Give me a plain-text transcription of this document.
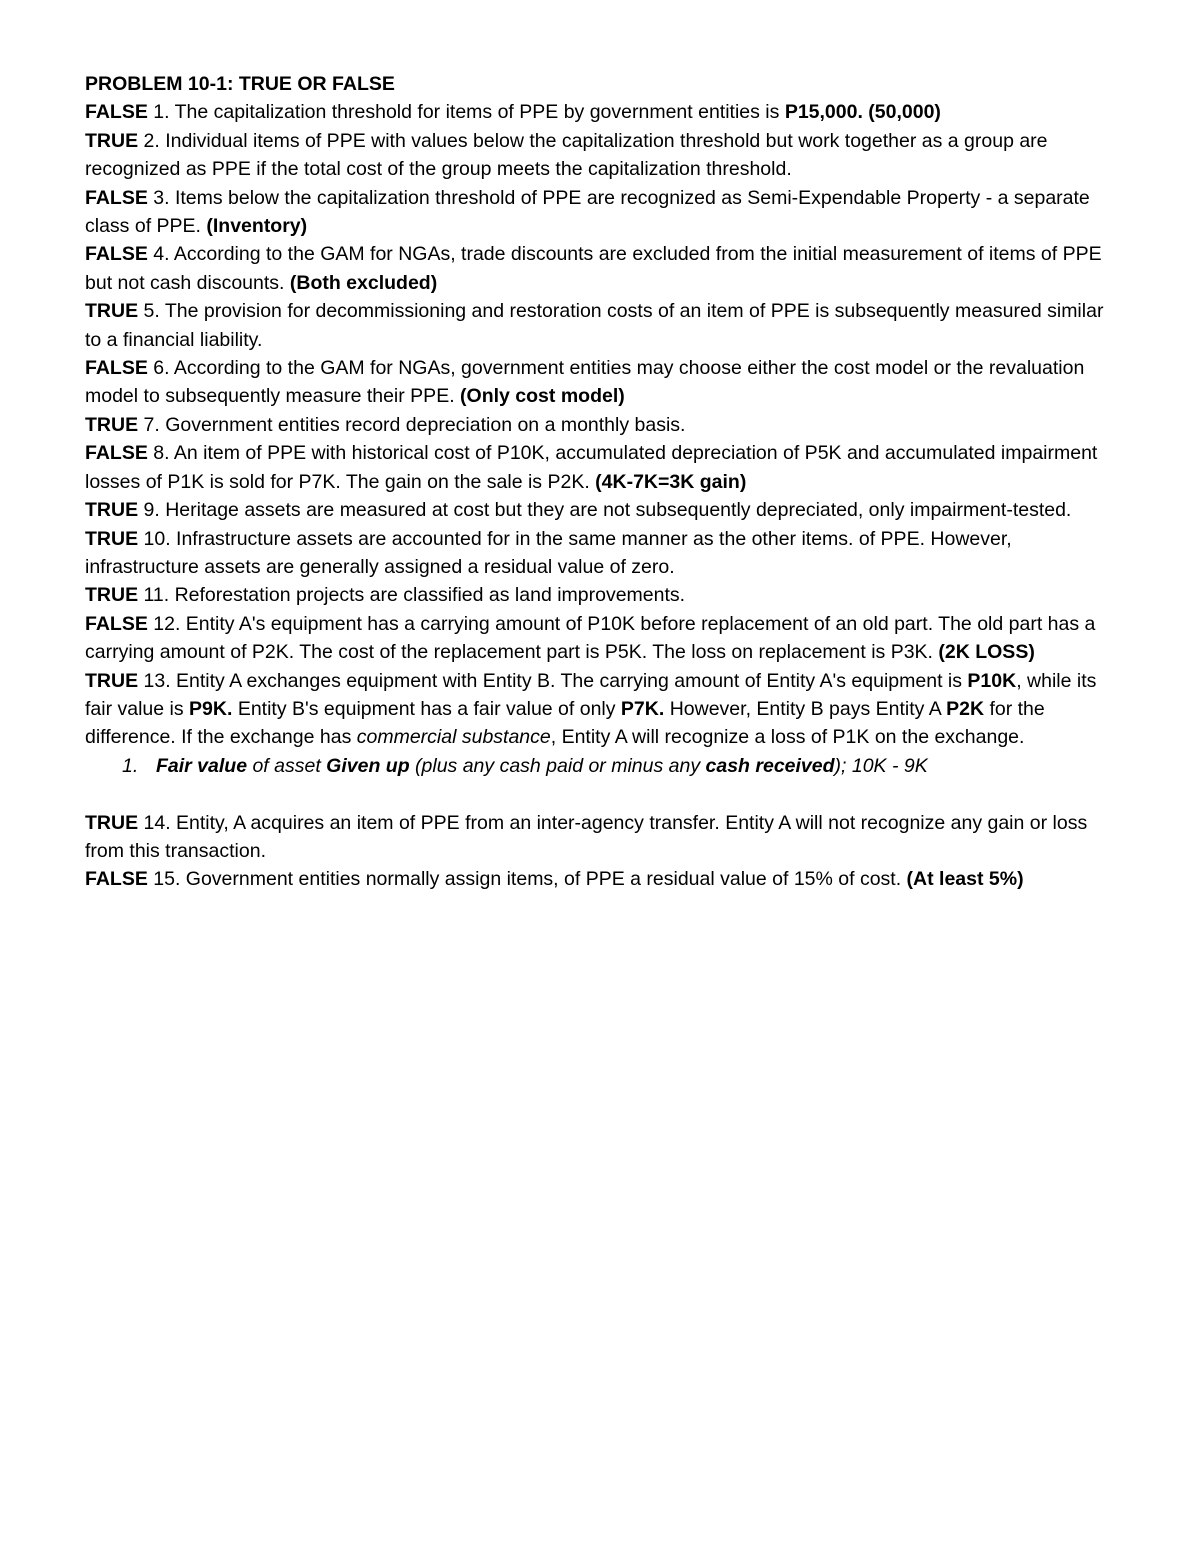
PROBLEM 10-1: TRUE OR FALSE

FALSE 1. The capitalization threshold for items of PPE by government entities is P15,000. (50,000)

TRUE 2. Individual items of PPE with values below the capitalization threshold but work together as a group are recognized as PPE if the total cost of the group meets the capitalization threshold.

FALSE 3. Items below the capitalization threshold of PPE are recognized as Semi-Expendable Property - a separate class of PPE. (Inventory)

FALSE 4. According to the GAM for NGAs, trade discounts are excluded from the initial measurement of items of PPE but not cash discounts. (Both excluded)

TRUE 5. The provision for decommissioning and restoration costs of an item of PPE is subsequently measured similar to a financial liability.

FALSE 6. According to the GAM for NGAs, government entities may choose either the cost model or the revaluation model to subsequently measure their PPE. (Only cost model)

TRUE 7. Government entities record depreciation on a monthly basis.

FALSE 8. An item of PPE with historical cost of P10K, accumulated depreciation of P5K and accumulated impairment losses of P1K is sold for P7K. The gain on the sale is P2K. (4K-7K=3K gain)

TRUE 9. Heritage assets are measured at cost but they are not subsequently depreciated, only impairment-tested.

TRUE 10. Infrastructure assets are accounted for in the same manner as the other items. of PPE. However, infrastructure assets are generally assigned a residual value of zero.

TRUE 11. Reforestation projects are classified as land improvements.

FALSE 12. Entity A's equipment has a carrying amount of P10K before replacement of an old part. The old part has a carrying amount of P2K. The cost of the replacement part is P5K. The loss on replacement is P3K. (2K LOSS)

TRUE 13. Entity A exchanges equipment with Entity B. The carrying amount of Entity A's equipment is P10K, while its fair value is P9K. Entity B's equipment has a fair value of only P7K. However, Entity B pays Entity A P2K for the difference. If the exchange has commercial substance, Entity A will recognize a loss of P1K on the exchange.

1. Fair value of asset Given up (plus any cash paid or minus any cash received); 10K - 9K

TRUE 14. Entity, A acquires an item of PPE from an inter-agency transfer. Entity A will not recognize any gain or loss from this transaction.

FALSE 15. Government entities normally assign items, of PPE a residual value of 15% of cost. (At least 5%)
